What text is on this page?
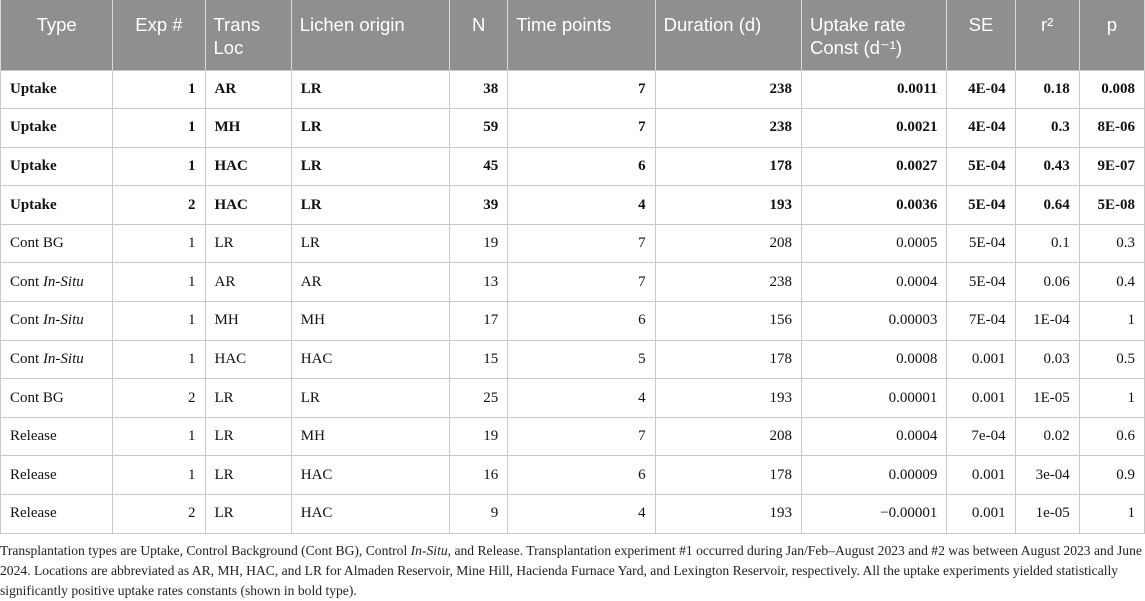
Type	Exp #	Trans Loc	Lichen origin	N	Time points	Duration (d)	Uptake rate Const (d⁻¹)	SE	r²	p
Uptake	1	AR	LR	38	7	238	0.0011	4E-04	0.18	0.008
Uptake	1	MH	LR	59	7	238	0.0021	4E-04	0.3	8E-06
Uptake	1	HAC	LR	45	6	178	0.0027	5E-04	0.43	9E-07
Uptake	2	HAC	LR	39	4	193	0.0036	5E-04	0.64	5E-08
Cont BG	1	LR	LR	19	7	208	0.0005	5E-04	0.1	0.3
Cont In-Situ	1	AR	AR	13	7	238	0.0004	5E-04	0.06	0.4
Cont In-Situ	1	MH	MH	17	6	156	0.00003	7E-04	1E-04	1
Cont In-Situ	1	HAC	HAC	15	5	178	0.0008	0.001	0.03	0.5
Cont BG	2	LR	LR	25	4	193	0.00001	0.001	1E-05	1
Release	1	LR	MH	19	7	208	0.0004	7e-04	0.02	0.6
Release	1	LR	HAC	16	6	178	0.00009	0.001	3e-04	0.9
Release	2	LR	HAC	9	4	193	−0.00001	0.001	1e-05	1

Transplantation types are Uptake, Control Background (Cont BG), Control In-Situ, and Release. Transplantation experiment #1 occurred during Jan/Feb–August 2023 and #2 was between August 2023 and June 2024. Locations are abbreviated as AR, MH, HAC, and LR for Almaden Reservoir, Mine Hill, Hacienda Furnace Yard, and Lexington Reservoir, respectively. All the uptake experiments yielded statistically significantly positive uptake rates constants (shown in bold type).
